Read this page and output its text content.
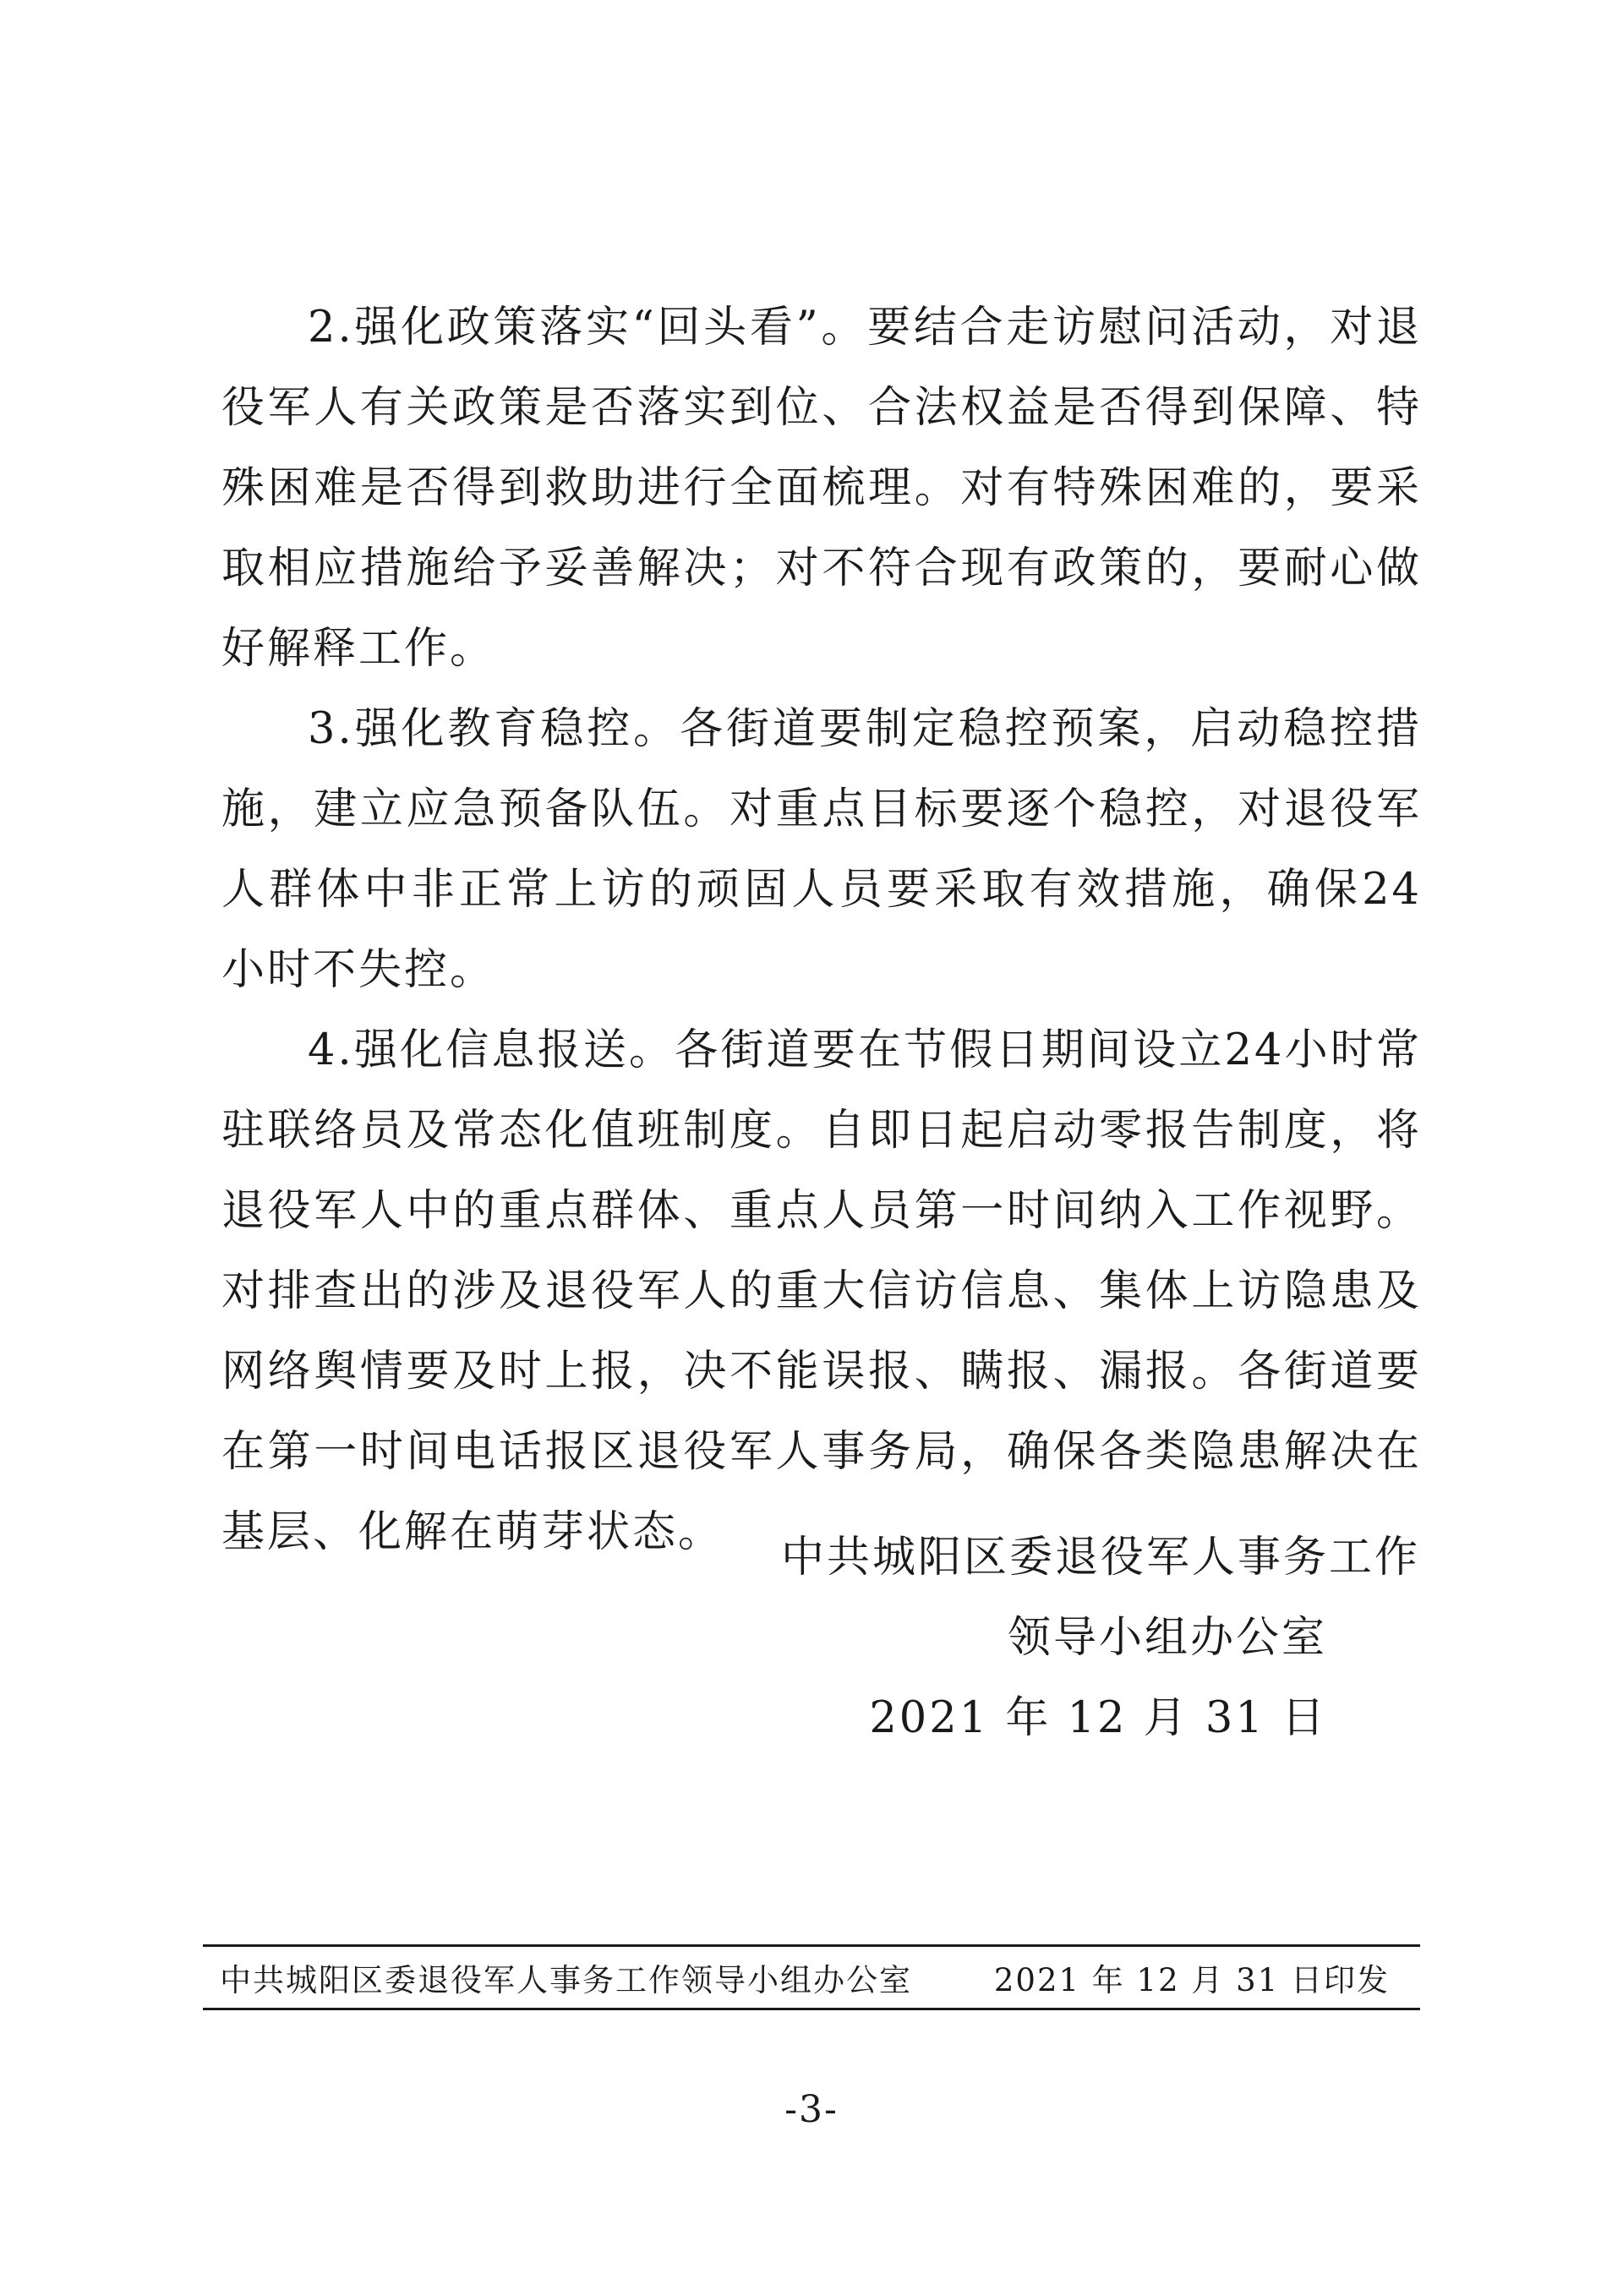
2.强化政策落实“回头看”。要结合走访慰问活动，对退役军人有关政策是否落实到位、合法权益是否得到保障、特殊困难是否得到救助进行全面梳理。对有特殊困难的，要采取相应措施给予妥善解决；对不符合现有政策的，要耐心做好解释工作。

3.强化教育稳控。各街道要制定稳控预案，启动稳控措施，建立应急预备队伍。对重点目标要逐个稳控，对退役军人群体中非正常上访的顽固人员要采取有效措施，确保24小时不失控。

4.强化信息报送。各街道要在节假日期间设立24小时常驻联络员及常态化值班制度。自即日起启动零报告制度，将退役军人中的重点群体、重点人员第一时间纳入工作视野。对排查出的涉及退役军人的重大信访信息、集体上访隐患及网络舆情要及时上报，决不能误报、瞒报、漏报。各街道要在第一时间电话报区退役军人事务局，确保各类隐患解决在基层、化解在萌芽状态。

中共城阳区委退役军人事务工作
领导小组办公室
2021 年 12 月 31 日
中共城阳区委退役军人事务工作领导小组办公室	2021 年 12 月 31 日印发
-3-
